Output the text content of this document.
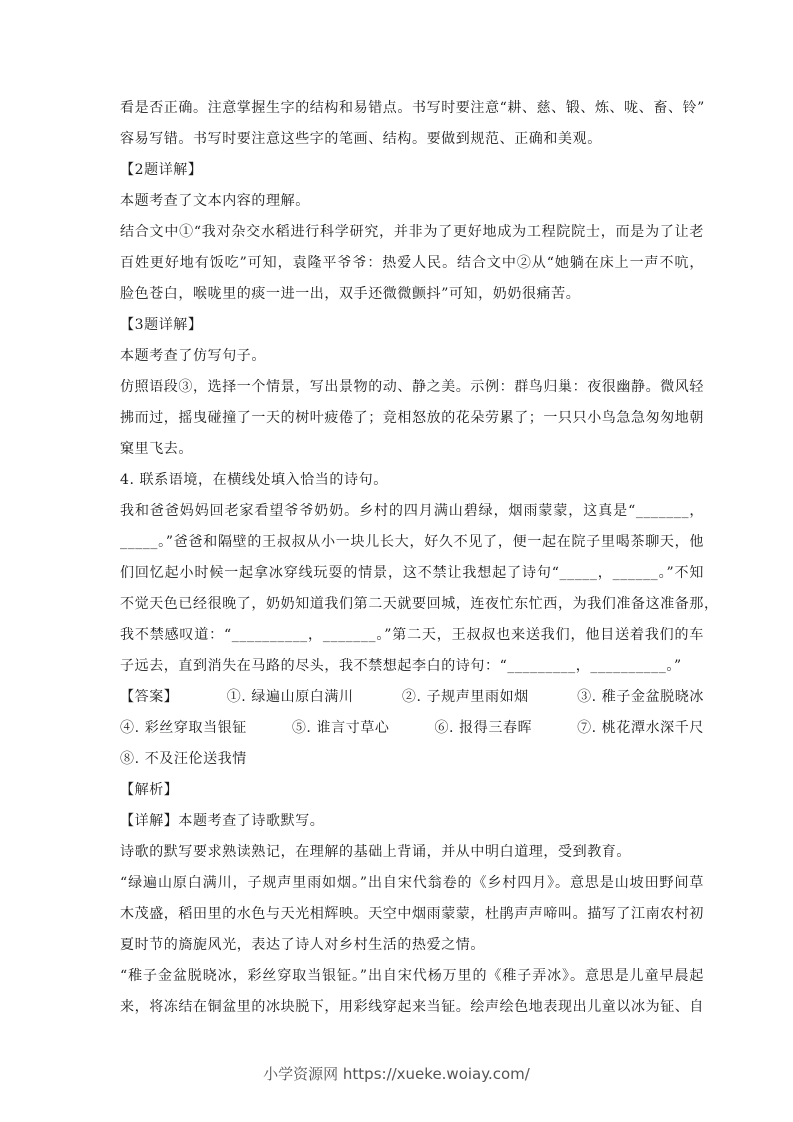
看是否正确。注意掌握生字的结构和易错点。书写时要注意“耕、慈、锻、炼、咙、畜、铃”
容易写错。书写时要注意这些字的笔画、结构。要做到规范、正确和美观。
【2题详解】
本题考查了文本内容的理解。
结合文中①“我对杂交水稻进行科学研究，并非为了更好地成为工程院院士，而是为了让老
百姓更好地有饭吃”可知，袁隆平爷爷：热爱人民。结合文中②从“她躺在床上一声不吭，
脸色苍白，喉咙里的痰一进一出，双手还微微颤抖”可知，奶奶很痛苦。
【3题详解】
本题考查了仿写句子。
仿照语段③，选择一个情景，写出景物的动、静之美。示例：群鸟归巢：夜很幽静。微风轻
拂而过，摇曳碰撞了一天的树叶疲倦了；竞相怒放的花朵劳累了；一只只小鸟急急匆匆地朝
窠里飞去。
4. 联系语境，在横线处填入恰当的诗句。
我和爸爸妈妈回老家看望爷爷奶奶。乡村的四月满山碧绿，烟雨蒙蒙，这真是“_______，
_____。”爸爸和隔壁的王叔叔从小一块儿长大，好久不见了，便一起在院子里喝茶聊天，他
们回忆起小时候一起拿冰穿线玩耍的情景，这不禁让我想起了诗句“_____，______。”不知
不觉天色已经很晚了，奶奶知道我们第二天就要回城，连夜忙东忙西，为我们准备这准备那，
我不禁感叹道：“__________，_______。”第二天，王叔叔也来送我们，他目送着我们的车
子远去，直到消失在马路的尽头，我不禁想起李白的诗句：“_________，__________。”
【答案】	①. 绿遍山原白满川	②. 子规声里雨如烟	③. 稚子金盆脱晓冰
④. 彩丝穿取当银钲	⑤. 谁言寸草心	⑥. 报得三春晖	⑦. 桃花潭水深千尺
⑧. 不及汪伦送我情
【解析】
【详解】本题考查了诗歌默写。
诗歌的默写要求熟读熟记，在理解的基础上背诵，并从中明白道理，受到教育。
“绿遍山原白满川，子规声里雨如烟。”出自宋代翁卷的《乡村四月》。意思是山坡田野间草
木茂盛，稻田里的水色与天光相辉映。天空中烟雨蒙蒙，杜鹃声声啼叫。描写了江南农村初
夏时节的旖旎风光，表达了诗人对乡村生活的热爱之情。
“稚子金盆脱晓冰，彩丝穿取当银钲。”出自宋代杨万里的《稚子弄冰》。意思是儿童早晨起
来，将冻结在铜盆里的冰块脱下，用彩线穿起来当钲。绘声绘色地表现出儿童以冰为钲、自
小学资源网 https://xueke.woiay.com/
